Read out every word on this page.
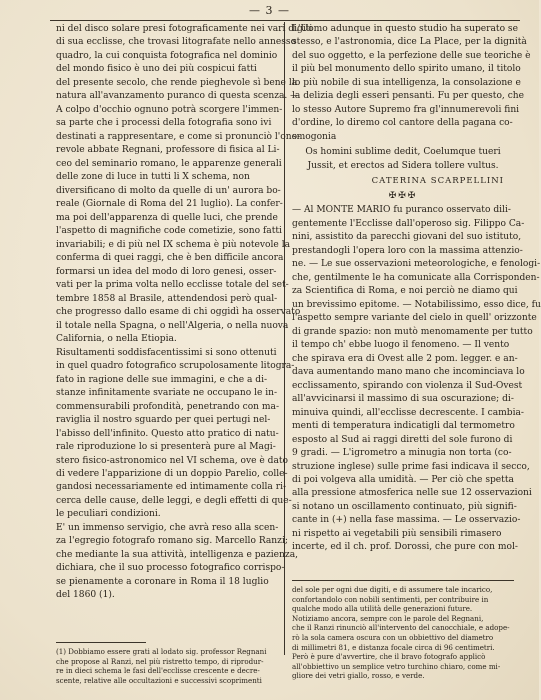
— 3 —
ni del disco solare presi fotograficamente nei vari digiti
di sua ecclisse, che trovasi litografate nello annesso
quadro, la cui conquista fotografica nel dominio
del mondo fisico è uno dei più cospicui fatti
del presente secolo, che rende pieghevole sì bene la
natura all'avanzamento puranco di questa scenza. —
A colpo d'occhio ognuno potrà scorgere l'immen-
sa parte che i processi della fotografia sono ivi
destinati a rappresentare, e come si pronunciò l'ono-
revole abbate Regnani, professore di fisica al Li-
ceo del seminario romano, le apparenze generali
delle zone di luce in tutti li X schema, non
diversificano di molto da quelle di un' aurora bo-
reale (Giornale di Roma del 21 luglio). La confer-
ma poi dell'apparenza di quelle luci, che prende
l'aspetto di magnifiche code cometizie, sono fatti
invariabili; e di più nel IX schema è più notevole la
conferma di quei raggi, che è ben difficile ancora
formarsi un idea del modo di loro genesi, osser-
vati per la prima volta nello ecclisse totale del set-
tembre 1858 al Brasile, attendendosi però qual-
che progresso dallo esame di chi oggidì ha osservato
il totale nella Spagna, o nell'Algeria, o nella nuova
California, o nella Etiopia.
Risultamenti soddisfacentissimi si sono ottenuti
in quel quadro fotografico scrupolosamente litogra-
fato in ragione delle sue immagini, e che a di-
stanze infinitamente svariate ne occupano le in-
commensurabili profondità, penetrando con ma-
raviglia il nostro sguardo per quei pertugi nel-
l'abisso dell'infinito. Questo atto pratico di natu-
rale riproduzione lo si presenterà pure al Magi-
stero fisico-astronomico nel VI schema, ove è dato
di vedere l'apparizione di un doppio Parelio, colle-
gandosi necessariamente ed intimamente colla ri-
cerca delle cause, delle leggi, e degli effetti di que-
le peculiari condizioni.
E' un immenso servigio, che avrà reso alla scen-
za l'egregio fotografo romano sig. Marcello Ranzi;
che mediante la sua attività, intelligenza e pazienza,
dichiara, che il suo processo fotografico corrispo-
se pienamente a coronare in Roma il 18 luglio
del 1860 (1).
L'Uomo adunque in questo studio ha superato se
stesso, e l'astronomia, dice La Place, per la dignità
del suo oggetto, e la perfezione delle sue teoriche è
il più bel monumento dello spirito umano, il titolo
lo più nobile di sua intelligenza, la consolazione e
la delizia degli esseri pensanti. Fu per questo, che
lo stesso Autore Supremo fra gl'innumerevoli fini
d'ordine, lo diremo col cantore della pagana co-
smogonia
Os homini sublime dedit, Coelumque tueri
Jussit, et erectos ad Sidera tollere vultus.
CATERINA SCARPELLINI
✠✠✠
— Al MONTE MARIO fu puranco osservato dili-
gentemente l'Ecclisse dall'operoso sig. Filippo Ca-
nini, assistito da parecchi giovani del suo istituto,
prestandogli l'opera loro con la massima attenzio-
ne. — Le sue osservazioni meteorologiche, e fenologi-
che, gentilmente le ha comunicate alla Corrisponden-
za Scientifica di Roma, e noi perciò ne diamo qui
un brevissimo epitome. — Notabilissimo, esso dice, fu
l'aspetto sempre variante del cielo in quell' orizzonte
di grande spazio: non mutò menomamente per tutto
il tempo ch' ebbe luogo il fenomeno. — Il vento
che spirava era di Ovest alle 2 pom. legger. e an-
dava aumentando mano mano che incominciava lo
ecclissamento, spirando con violenza il Sud-Ovest
all'avvicinarsi il massimo di sua oscurazione; di-
minuiva quindi, all'ecclisse decrescente. I cambia-
menti di temperatura indicatigli dal termometro
esposto al Sud ai raggi diretti del sole furono di
9 gradi. — L'igrometro a minugia non torta (co-
struzione inglese) sulle prime fasi indicava il secco,
di poi volgeva alla umidità. — Per ciò che spetta
alla pressione atmosferica nelle sue 12 osservazioni
si notano un oscillamento continuato, più signifi-
cante in (+) nella fase massima. — Le osservazio-
ni rispetto ai vegetabili più sensibili rimasero
incerte, ed il ch. prof. Dorossi, che pure con mol-
(1) Dobbiamo essere grati al lodato sig. professor Regnani
che propose al Ranzi, nel più ristretto tempo, di riprodur-
re in dieci schema le fasi dell'ecclisse crescente e decre-
scente, relative alle occultazioni e successivi scoprimenti
del sole per ogni due digiti, e di assumere tale incarico,
confortandolo con nobili sentimenti, per contribuire in
qualche modo alla utilità delle generazioni future.
Notiziamo ancora, sempre con le parole del Regnani,
che il Ranzi rinunciò all'intervento del canocchiale, e adope-
rò la sola camera oscura con un obbiettivo del diametro
di millimetri 81, e distanza focale circa di 96 centimetri.
Però è pure d'avvertire, che il bravo fotografo applicò
all'obbiettivo un semplice vetro turchino chiaro, come mi-
gliore dei vetri giallo, rosso, e verde.
